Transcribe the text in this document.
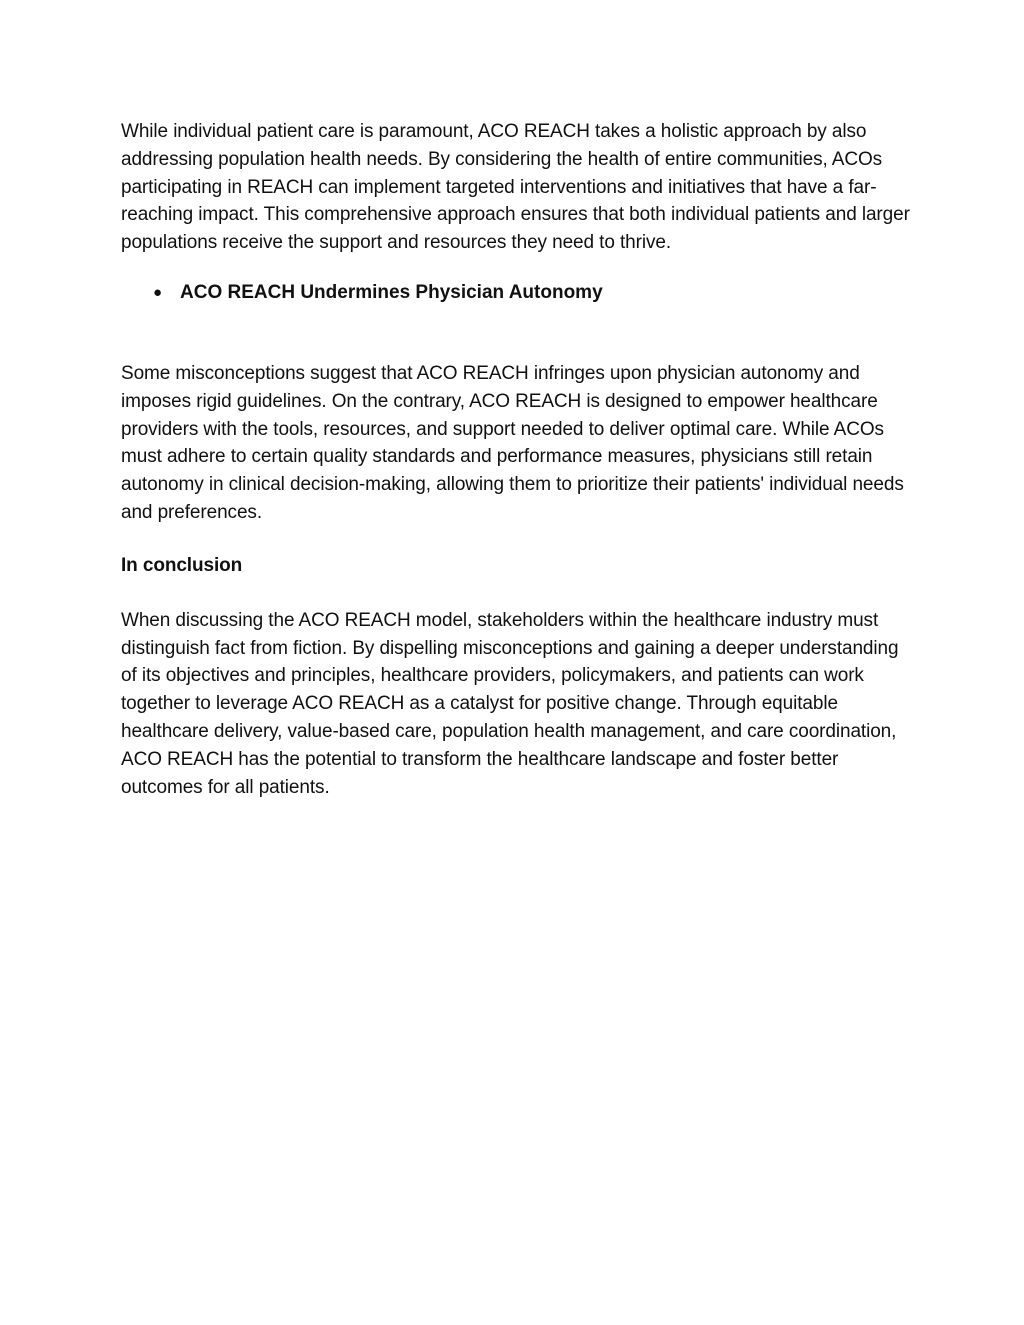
While individual patient care is paramount, ACO REACH takes a holistic approach by also addressing population health needs. By considering the health of entire communities, ACOs participating in REACH can implement targeted interventions and initiatives that have a far-reaching impact. This comprehensive approach ensures that both individual patients and larger populations receive the support and resources they need to thrive.

● ACO REACH Undermines Physician Autonomy

Some misconceptions suggest that ACO REACH infringes upon physician autonomy and imposes rigid guidelines. On the contrary, ACO REACH is designed to empower healthcare providers with the tools, resources, and support needed to deliver optimal care. While ACOs must adhere to certain quality standards and performance measures, physicians still retain autonomy in clinical decision-making, allowing them to prioritize their patients' individual needs and preferences.

In conclusion

When discussing the ACO REACH model, stakeholders within the healthcare industry must distinguish fact from fiction. By dispelling misconceptions and gaining a deeper understanding of its objectives and principles, healthcare providers, policymakers, and patients can work together to leverage ACO REACH as a catalyst for positive change. Through equitable healthcare delivery, value-based care, population health management, and care coordination, ACO REACH has the potential to transform the healthcare landscape and foster better outcomes for all patients.
